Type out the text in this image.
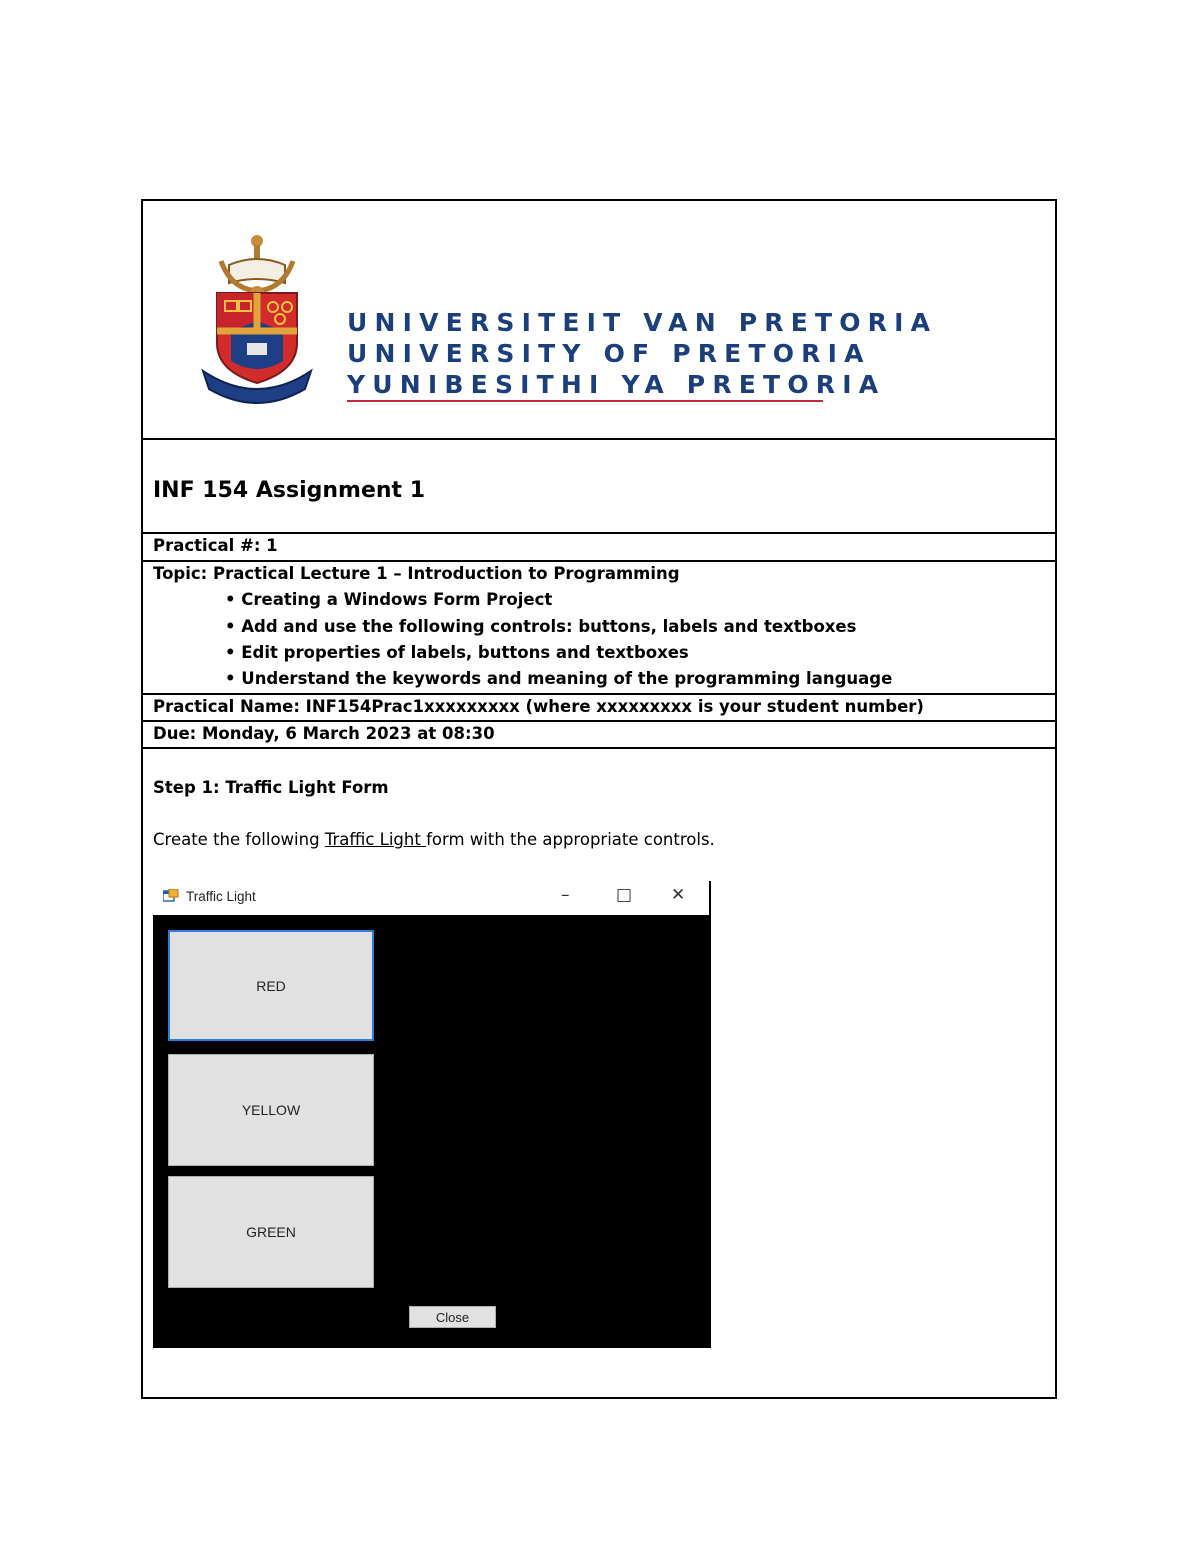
UNIVERSITEIT VAN PRETORIA
UNIVERSITY OF PRETORIA
YUNIBESITHI YA PRETORIA
INF 154 Assignment 1
Practical #: 1
Topic: Practical Lecture 1 – Introduction to Programming
• Creating a Windows Form Project
• Add and use the following controls: buttons, labels and textboxes
• Edit properties of labels, buttons and textboxes
• Understand the keywords and meaning of the programming language
Practical Name: INF154Prac1xxxxxxxxx (where xxxxxxxxx is your student number)
Due: Monday, 6 March 2023 at 08:30
Step 1: Traffic Light Form
Create the following Traffic Light form with the appropriate controls.
Traffic Light	–	□ ✕
RED
YELLOW
GREEN
Close
